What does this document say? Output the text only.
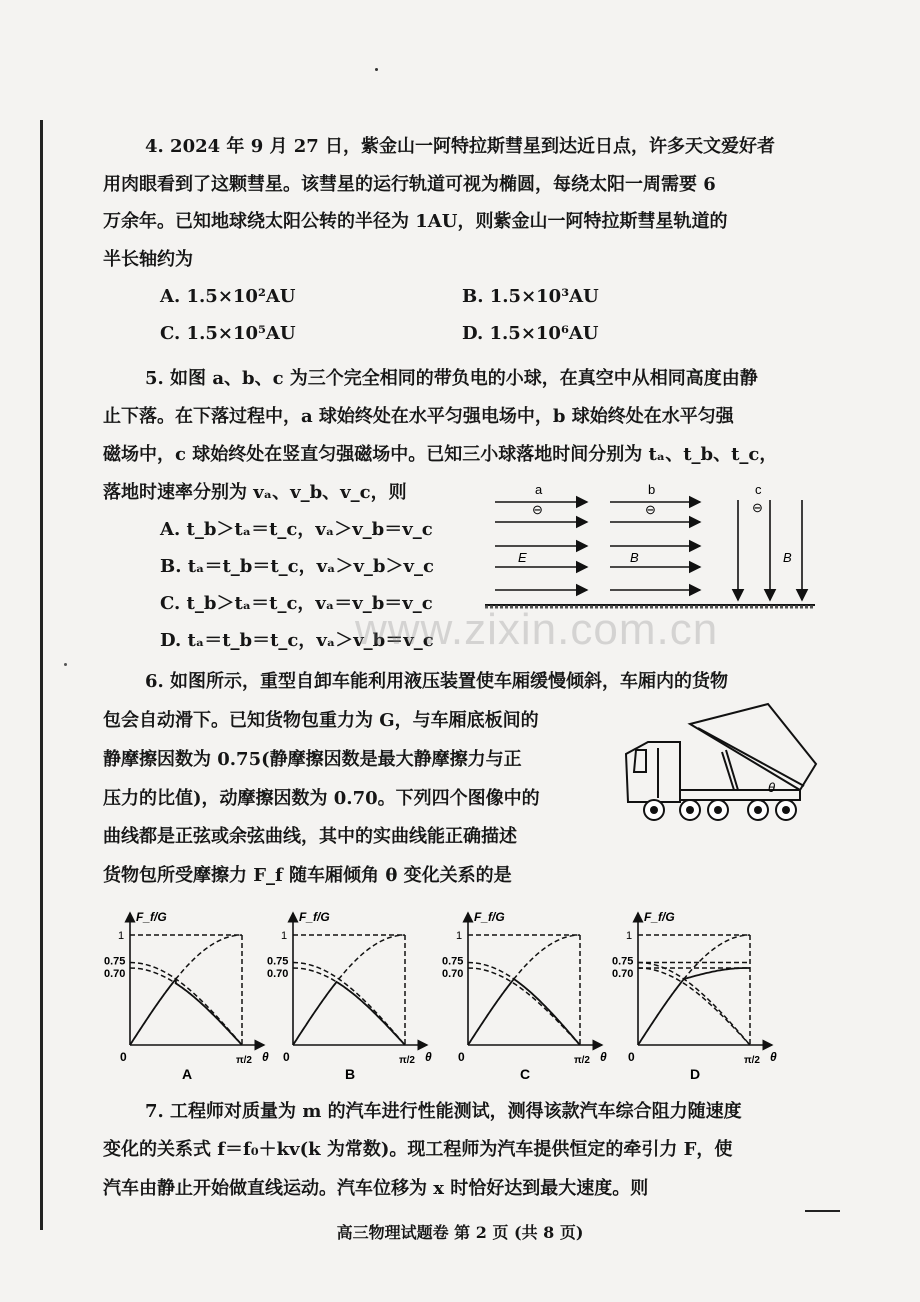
4. 2024 年 9 月 27 日，紫金山一阿特拉斯彗星到达近日点，许多天文爱好者
用肉眼看到了这颗彗星。该彗星的运行轨道可视为椭圆，每绕太阳一周需要 6
万余年。已知地球绕太阳公转的半径为 1AU，则紫金山一阿特拉斯彗星轨道的
半长轴约为
A. 1.5×10²AU	B. 1.5×10³AU
C. 1.5×10⁵AU	D. 1.5×10⁶AU
5. 如图 a、b、c 为三个完全相同的带负电的小球，在真空中从相同高度由静
止下落。在下落过程中，a 球始终处在水平匀强电场中，b 球始终处在水平匀强
磁场中，c 球始终处在竖直匀强磁场中。已知三小球落地时间分别为 tₐ、t_b、t_c，
落地时速率分别为 vₐ、v_b、v_c，则
A. t_b＞tₐ＝t_c，vₐ＞v_b＝v_c
B. tₐ＝t_b＝t_c，vₐ＞v_b＞v_c
C. t_b＞tₐ＝t_c，vₐ＝v_b＝v_c
D. tₐ＝t_b＝t_c，vₐ＞v_b＝v_c
a
⊖
b
⊖
c
⊖
E	B	B
www.zixin.com.cn
6. 如图所示，重型自卸车能利用液压装置使车厢缓慢倾斜，车厢内的货物
包会自动滑下。已知货物包重力为 G，与车厢底板间的
静摩擦因数为 0.75(静摩擦因数是最大静摩擦力与正
压力的比值)，动摩擦因数为 0.70。下列四个图像中的
曲线都是正弦或余弦曲线，其中的实曲线能正确描述
货物包所受摩擦力 F_f 随车厢倾角 θ 变化关系的是
θ
F_f/G
1
0.75
0.70
0	π/2 θ
A
F_f/G
1
0.75
0.70
0	π/2 θ
B
F_f/G
1
0.75
0.70
0	π/2 θ
C
F_f/G
1
0.75
0.70
0	π/2 θ
D
7. 工程师对质量为 m 的汽车进行性能测试，测得该款汽车综合阻力随速度
变化的关系式 f＝f₀＋kv(k 为常数)。现工程师为汽车提供恒定的牵引力 F，使
汽车由静止开始做直线运动。汽车位移为 x 时恰好达到最大速度。则
高三物理试题卷 第 2 页 (共 8 页)
